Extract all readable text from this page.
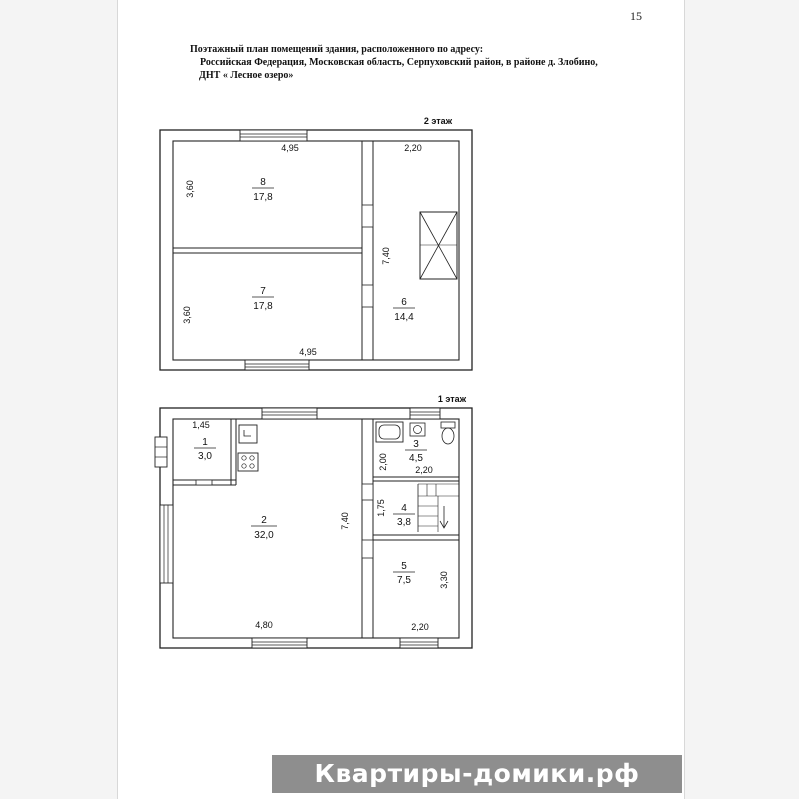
15
Поэтажный план помещений здания, расположенного по адресу:
Российская Федерация, Московская область, Серпуховский район, в районе д. Злобино,
ДНТ « Лесное озеро»
2 этаж
8
17,8
4,95
3,60
7
17,8
4,95
3,60
6
14,4
2,20
7,40
1 этаж
1,45
1
3,0
2
32,0
4,80
7,40
3
4,5
2,20
2,00
4
3,8
1,75
5
7,5	3,30
2,20
Квартиры-домики.рф
